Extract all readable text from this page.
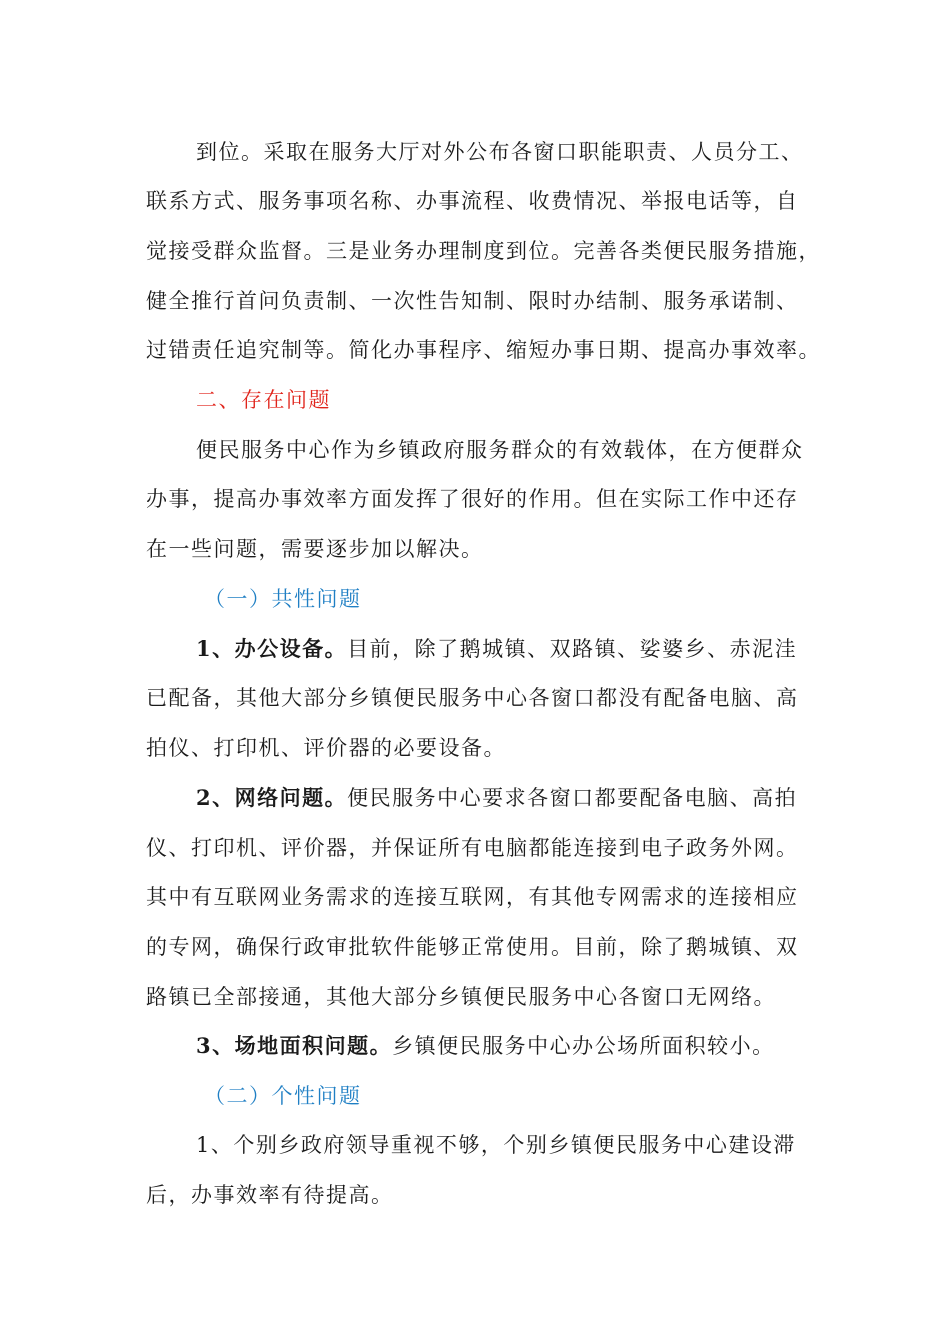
到位。采取在服务大厅对外公布各窗口职能职责、人员分工、
联系方式、服务事项名称、办事流程、收费情况、举报电话等，自
觉接受群众监督。三是业务办理制度到位。完善各类便民服务措施，
健全推行首问负责制、一次性告知制、限时办结制、服务承诺制、
过错责任追究制等。简化办事程序、缩短办事日期、提高办事效率。
二、存在问题
便民服务中心作为乡镇政府服务群众的有效载体，在方便群众
办事，提高办事效率方面发挥了很好的作用。但在实际工作中还存
在一些问题，需要逐步加以解决。
（一）共性问题
1、办公设备。目前，除了鹅城镇、双路镇、娑婆乡、赤泥洼
已配备，其他大部分乡镇便民服务中心各窗口都没有配备电脑、高
拍仪、打印机、评价器的必要设备。
2、网络问题。便民服务中心要求各窗口都要配备电脑、高拍
仪、打印机、评价器，并保证所有电脑都能连接到电子政务外网。
其中有互联网业务需求的连接互联网，有其他专网需求的连接相应
的专网，确保行政审批软件能够正常使用。目前，除了鹅城镇、双
路镇已全部接通，其他大部分乡镇便民服务中心各窗口无网络。
3、场地面积问题。乡镇便民服务中心办公场所面积较小。
（二）个性问题
1、个别乡政府领导重视不够，个别乡镇便民服务中心建设滞
后，办事效率有待提高。
